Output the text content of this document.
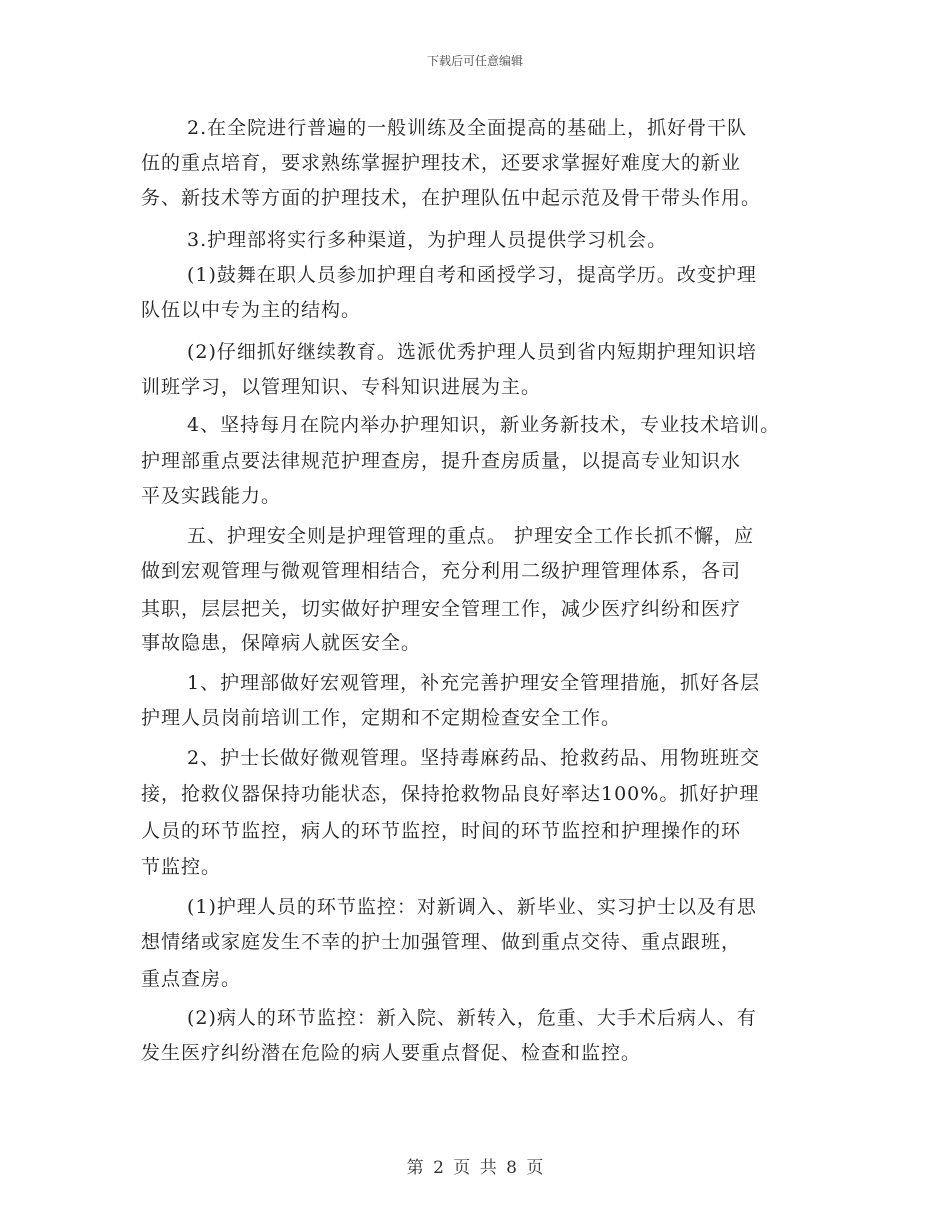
下载后可任意编辑
2.在全院进行普遍的一般训练及全面提高的基础上，抓好骨干队
伍的重点培育，要求熟练掌握护理技术，还要求掌握好难度大的新业
务、新技术等方面的护理技术，在护理队伍中起示范及骨干带头作用。
3.护理部将实行多种渠道，为护理人员提供学习机会。
(1)鼓舞在职人员参加护理自考和函授学习，提高学历。改变护理
队伍以中专为主的结构。
(2)仔细抓好继续教育。选派优秀护理人员到省内短期护理知识培
训班学习，以管理知识、专科知识进展为主。
4、坚持每月在院内举办护理知识，新业务新技术，专业技术培训。
护理部重点要法律规范护理查房，提升查房质量，以提高专业知识水
平及实践能力。
五、护理安全则是护理管理的重点。 护理安全工作长抓不懈，应
做到宏观管理与微观管理相结合，充分利用二级护理管理体系，各司
其职，层层把关，切实做好护理安全管理工作，减少医疗纠纷和医疗
事故隐患，保障病人就医安全。
1、护理部做好宏观管理，补充完善护理安全管理措施，抓好各层
护理人员岗前培训工作，定期和不定期检查安全工作。
2、护士长做好微观管理。坚持毒麻药品、抢救药品、用物班班交
接，抢救仪器保持功能状态，保持抢救物品良好率达100%。抓好护理
人员的环节监控，病人的环节监控，时间的环节监控和护理操作的环
节监控。
(1)护理人员的环节监控：对新调入、新毕业、实习护士以及有思
想情绪或家庭发生不幸的护士加强管理、做到重点交待、重点跟班，
重点查房。
(2)病人的环节监控：新入院、新转入，危重、大手术后病人、有
发生医疗纠纷潜在危险的病人要重点督促、检查和监控。
第 2 页 共 8 页
